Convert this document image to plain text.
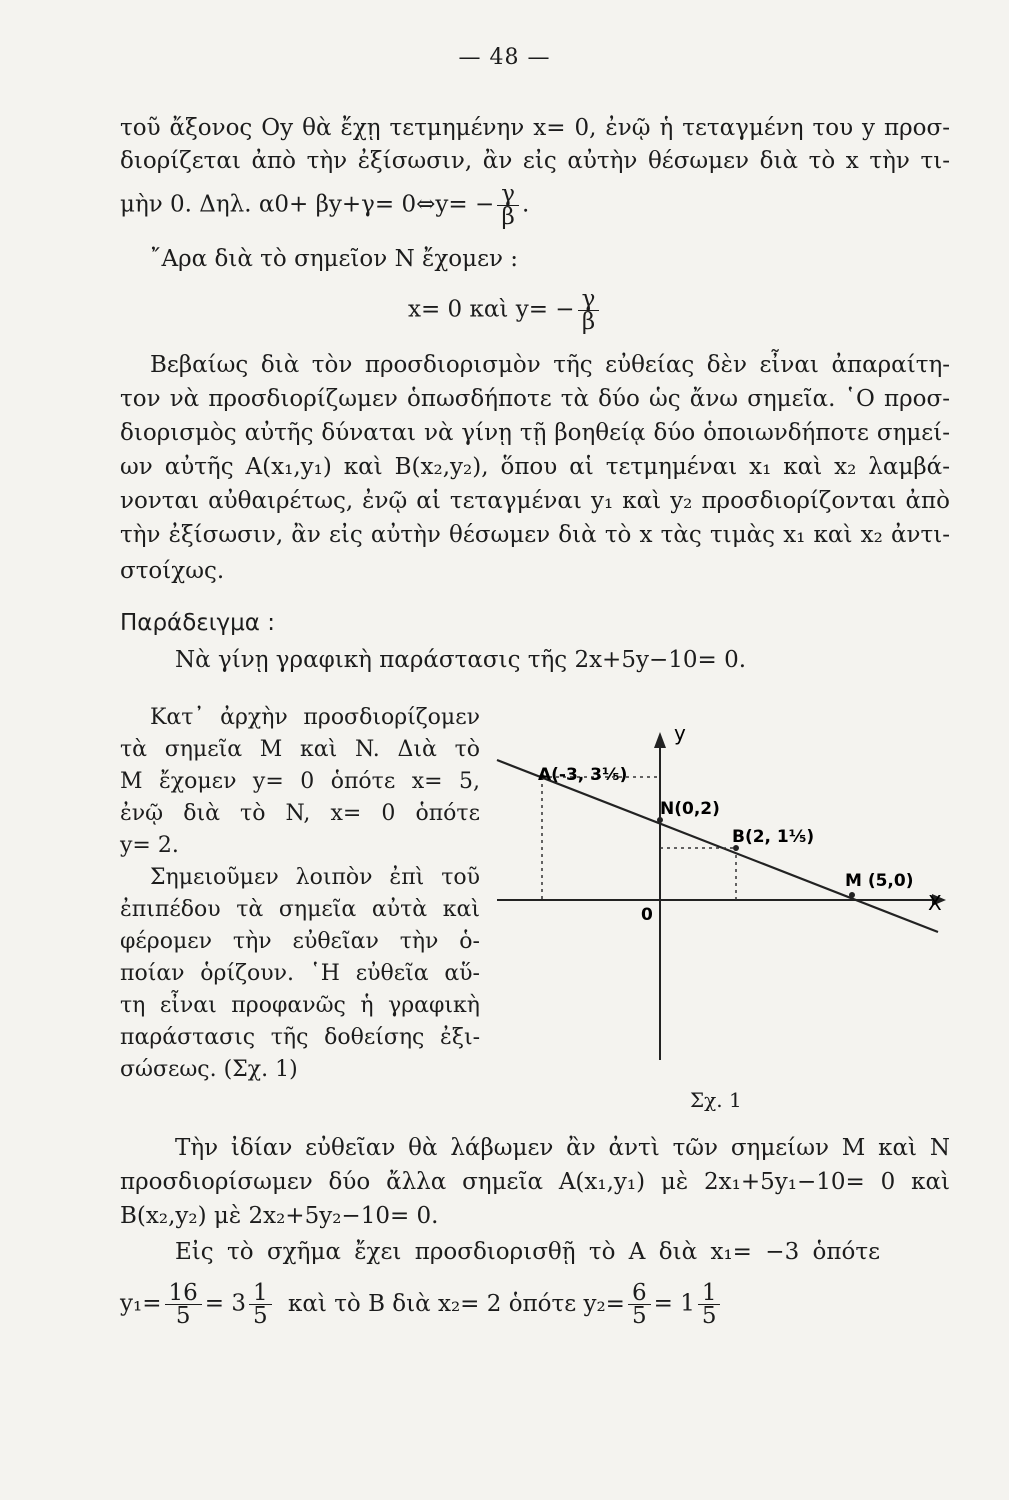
— 48 —
τοῦ ἄξονος Oy θὰ ἔχῃ τετμημένην x= 0, ἐνῷ ἡ τεταγμένη του y προσ-
διορίζεται ἀπὸ τὴν ἐξίσωσιν, ἂν εἰς αὐτὴν θέσωμεν διὰ τὸ x τὴν τι-
μὴν 0. Δηλ. α0+ βy+γ= 0⇔y= − $\frac{\gamma}{\beta}$ .
῎Αρα διὰ τὸ σημεῖον N ἔχομεν :
x= 0 καὶ $y= - \frac{\gamma}{\beta}$
Βεβαίως διὰ τὸν προσδιορισμὸν τῆς εὐθείας δὲν εἶναι ἀπαραίτη-
τον νὰ προσδιορίζωμεν ὁπωσδήποτε τὰ δύο ὡς ἄνω σημεῖα. ῾Ο προσ-
διορισμὸς αὐτῆς δύναται νὰ γίνῃ τῇ βοηθείᾳ δύο ὁποιωνδήποτε σημεί-
ων αὐτῆς A(x₁,y₁) καὶ B(x₂,y₂), ὅπου αἱ τετμημέναι x₁ καὶ x₂ λαμβά-
νονται αὐθαιρέτως, ἐνῷ αἱ τεταγμέναι y₁ καὶ y₂ προσδιορίζονται ἀπὸ
τὴν ἐξίσωσιν, ἂν εἰς αὐτὴν θέσωμεν διὰ τὸ x τὰς τιμὰς x₁ καὶ x₂ ἀντι-
στοίχως.
Παράδειγμα :
Νὰ γίνῃ γραφικὴ παράστασις τῆς 2x+5y−10= 0.

Κατ᾽ ἀρχὴν προσδιορίζομεν

τὰ σημεῖα M καὶ N. Διὰ τὸ

M ἔχομεν y= 0 ὁπότε x= 5,

ἐνῷ διὰ τὸ N, x= 0 ὁπότε

y= 2.

Σημειοῦμεν λοιπὸν ἐπὶ τοῦ

ἐπιπέδου τὰ σημεῖα αὐτὰ καὶ

φέρομεν τὴν εὐθεῖαν τὴν ὁ-

ποίαν ὁρίζουν. ῾Η εὐθεῖα αὕ-

τη εἶναι προφανῶς ἡ γραφικὴ

παράστασις τῆς δοθείσης ἐξι-

σώσεως. (Σχ. 1)

A(-3, 3⅕)
y
N(0,2)
B(2, 1⅕)
M (5,0)
X
0
Σχ. 1
Τὴν ἰδίαν εὐθεῖαν θὰ λάβωμεν ἂν ἀντὶ τῶν σημείων M καὶ N
προσδιορίσωμεν δύο ἄλλα σημεῖα A(x₁,y₁) μὲ 2x₁+5y₁−10= 0 καὶ
B(x₂,y₂) μὲ 2x₂+5y₂−10= 0.
Εἰς τὸ σχῆμα ἔχει προσδιορισθῇ τὸ A διὰ x₁= −3 ὁπότε
$y_1= \frac{16}{5} = 3 \frac{1}{5}$ καὶ τὸ B διὰ x₂= 2 ὁπότε $y_2= \frac{6}{5} = 1 \frac{1}{5}$
